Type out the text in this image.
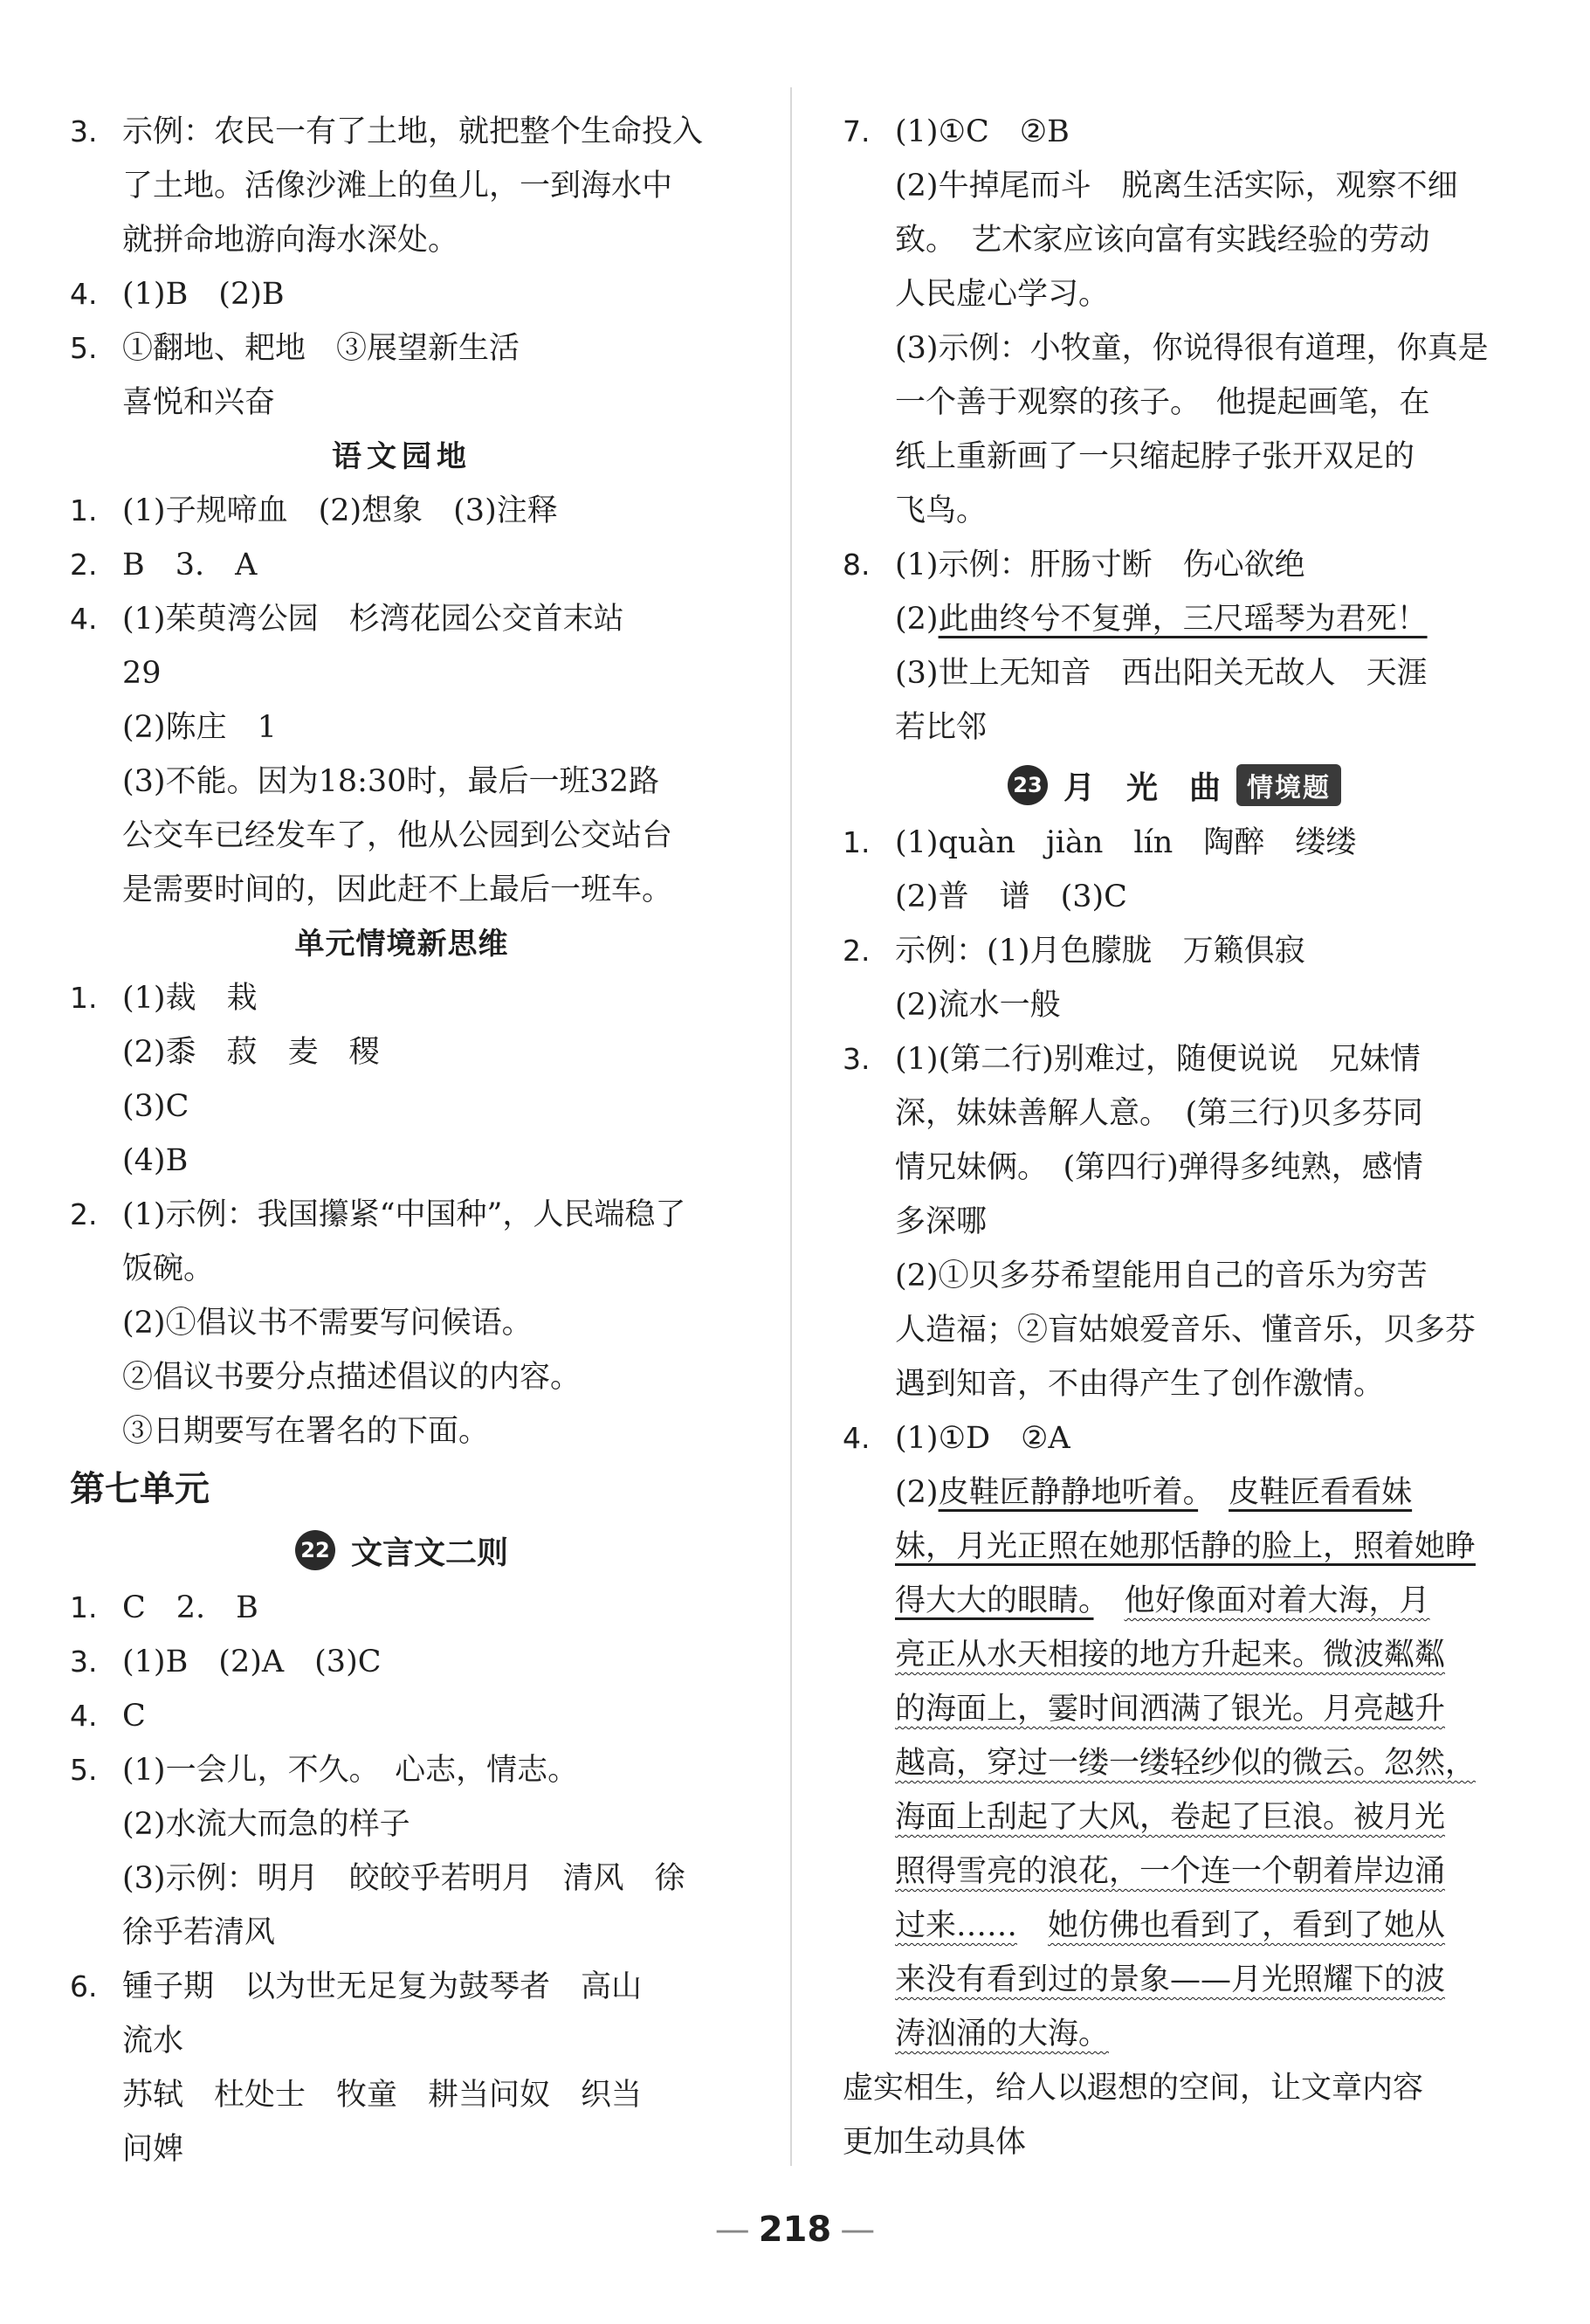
3. 示例：农民一有了土地，就把整个生命投入
了土地。活像沙滩上的鱼儿，一到海水中
就拼命地游向海水深处。
4. (1)B　(2)B
5. ①翻地、耙地　③展望新生活
喜悦和兴奋
语文园地
1. (1)子规啼血　(2)想象　(3)注释
2. B　3.　A
4. (1)茱萸湾公园　杉湾花园公交首末站
29
(2)陈庄　1
(3)不能。因为18:30时，最后一班32路
公交车已经发车了，他从公园到公交站台
是需要时间的，因此赶不上最后一班车。
单元情境新思维
1. (1)裁　栽
(2)黍　菽　麦　稷
(3)C
(4)B
2. (1)示例：我国攥紧“中国种”，人民端稳了
饭碗。
(2)①倡议书不需要写问候语。
②倡议书要分点描述倡议的内容。
③日期要写在署名的下面。
第七单元
22 文言文二则
1. C　2.　B
3. (1)B　(2)A　(3)C
4. C
5. (1)一会儿，不久。　心志，情志。
(2)水流大而急的样子
(3)示例：明月　皎皎乎若明月　清风　徐
徐乎若清风
6. 锺子期　以为世无足复为鼓琴者　高山
流水
苏轼　杜处士　牧童　耕当问奴　织当
问婢
7. (1)①C　②B
(2)牛掉尾而斗　脱离生活实际，观察不细
致。　艺术家应该向富有实践经验的劳动
人民虚心学习。
(3)示例：小牧童，你说得很有道理，你真是
一个善于观察的孩子。　他提起画笔，在
纸上重新画了一只缩起脖子张开双足的
飞鸟。
8. (1)示例：肝肠寸断　伤心欲绝
(2)此曲终兮不复弹，三尺瑶琴为君死！
(3)世上无知音　西出阳关无故人　天涯
若比邻
23 月　光　曲	情境题
1. (1)quàn　jiàn　lín　陶醉　缕缕
(2)普　谱　(3)C
2. 示例：(1)月色朦胧　万籁俱寂
(2)流水一般
3. (1)(第二行)别难过，随便说说　兄妹情
深，妹妹善解人意。　(第三行)贝多芬同
情兄妹俩。　(第四行)弹得多纯熟，感情
多深哪
(2)①贝多芬希望能用自己的音乐为穷苦
人造福；②盲姑娘爱音乐、懂音乐，贝多芬
遇到知音，不由得产生了创作激情。
4. (1)①D　②A
(2)皮鞋匠静静地听着。　 皮鞋匠看看妹
妹，月光正照在她那恬静的脸上，照着她睁
得大大的眼睛。　 他好像面对着大海，月
亮正从水天相接的地方升起来。微波粼粼
的海面上，霎时间洒满了银光。月亮越升
越高，穿过一缕一缕轻纱似的微云。忽然，
海面上刮起了大风，卷起了巨浪。被月光
照得雪亮的浪花，一个连一个朝着岸边涌
过来……　 她仿佛也看到了，看到了她从
来没有看到过的景象——月光照耀下的波
涛汹涌的大海。
虚实相生，给人以遐想的空间，让文章内容
更加生动具体
— 218 —
